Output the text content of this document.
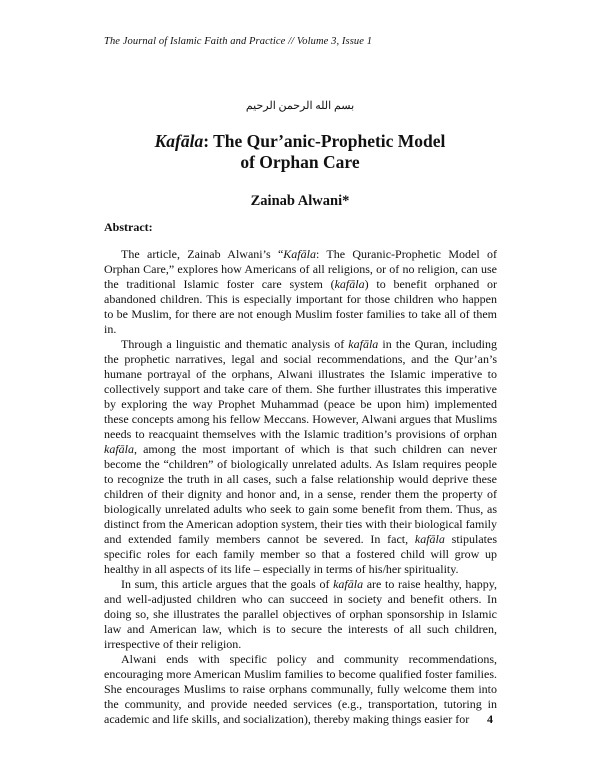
The Journal of Islamic Faith and Practice // Volume 3, Issue 1
بسم الله الرحمن الرحيم
Kafāla: The Qur’anic-Prophetic Model
of Orphan Care
Zainab Alwani*
Abstract:

The article, Zainab Alwani’s “Kafāla: The Quranic-Prophetic Model of Orphan Care,” explores how Americans of all religions, or of no religion, can use the traditional Islamic foster care system (kafāla) to benefit orphaned or abandoned children. This is especially important for those children who happen to be Muslim, for there are not enough Muslim foster families to take all of them in.

Through a linguistic and thematic analysis of kafāla in the Quran, including the prophetic narratives, legal and social recommendations, and the Qur’an’s humane portrayal of the orphans, Alwani illustrates the Islamic imperative to collectively support and take care of them. She further illustrates this imperative by exploring the way Prophet Muhammad (peace be upon him) implemented these concepts among his fellow Meccans. However, Alwani argues that Muslims needs to reacquaint themselves with the Islamic tradition’s provisions of orphan kafāla, among the most important of which is that such children can never become the “children” of biologically unrelated adults. As Islam requires people to recognize the truth in all cases, such a false relationship would deprive these children of their dignity and honor and, in a sense, render them the property of biologically unrelated adults who seek to gain some benefit from them. Thus, as distinct from the American adoption system, their ties with their biological family and extended family members cannot be severed. In fact, kafāla stipulates specific roles for each family member so that a fostered child will grow up healthy in all aspects of its life – especially in terms of his/her spirituality.

In sum, this article argues that the goals of kafāla are to raise healthy, happy, and well-adjusted children who can succeed in society and benefit others. In doing so, she illustrates the parallel objectives of orphan sponsorship in Islamic law and American law, which is to secure the interests of all such children, irrespective of their religion.

Alwani ends with specific policy and community recommendations, encouraging more American Muslim families to become qualified foster families. She encourages Muslims to raise orphans communally, fully welcome them into the community, and provide needed services (e.g., transportation, tutoring in academic and life skills, and socialization), thereby making things easier for	4
